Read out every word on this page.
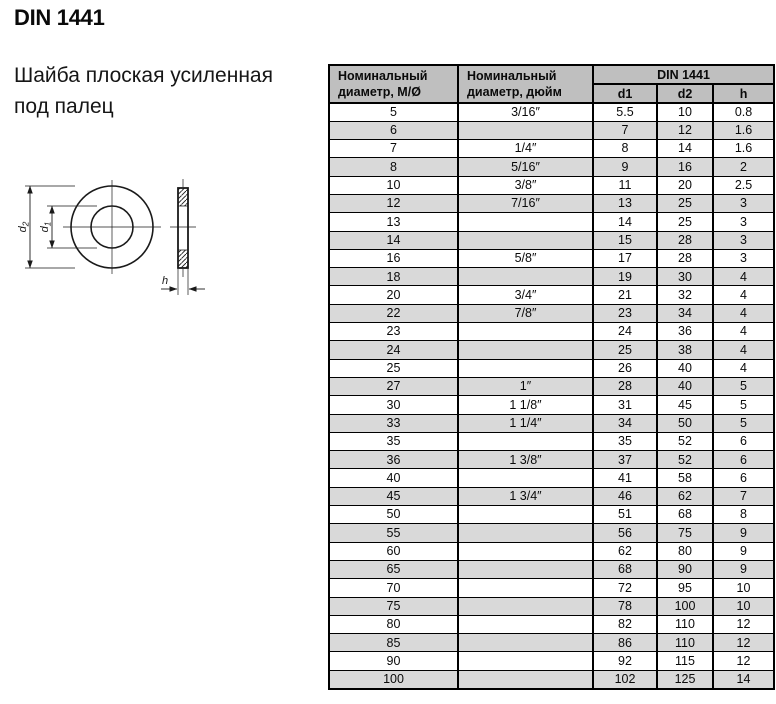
DIN 1441
Шайба плоская усиленная
под палец
$d_2$
$d_1$
h
Номинальный диаметр, М/Ø	Номинальный диаметр, дюйм	DIN 1441		
		d1	d2	h
5	3/16″	5.5	10	0.8
6		7	12	1.6
7	1/4″	8	14	1.6
8	5/16″	9	16	2
10	3/8″	11	20	2.5
12	7/16″	13	25	3
13		14	25	3
14		15	28	3
16	5/8″	17	28	3
18		19	30	4
20	3/4″	21	32	4
22	7/8″	23	34	4
23		24	36	4
24		25	38	4
25		26	40	4
27	1″	28	40	5
30	1 1/8″	31	45	5
33	1 1/4″	34	50	5
35		35	52	6
36	1 3/8″	37	52	6
40		41	58	6
45	1 3/4″	46	62	7
50		51	68	8
55		56	75	9
60		62	80	9
65		68	90	9
70		72	95	10
75		78	100	10
80		82	110	12
85		86	110	12
90		92	115	12
100		102	125	14
